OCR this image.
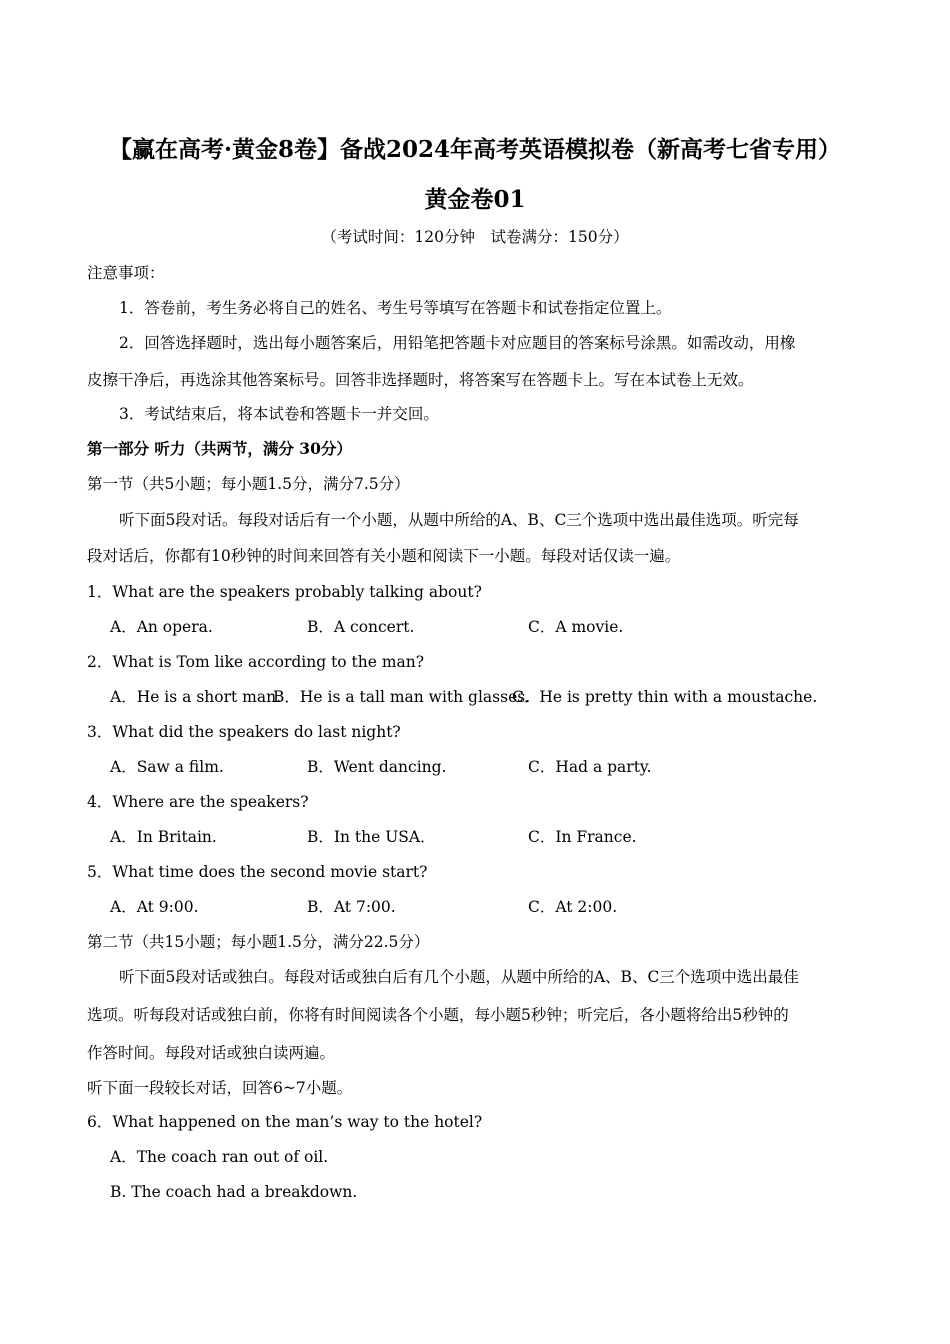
【赢在高考·黄金8卷】备战2024年高考英语模拟卷（新高考七省专用）
黄金卷01
（考试时间：120分钟　试卷满分：150分）
注意事项：
1．答卷前，考生务必将自己的姓名、考生号等填写在答题卡和试卷指定位置上。
2．回答选择题时，选出每小题答案后，用铅笔把答题卡对应题目的答案标号涂黑。如需改动，用橡
皮擦干净后，再选涂其他答案标号。回答非选择题时，将答案写在答题卡上。写在本试卷上无效。
3．考试结束后，将本试卷和答题卡一并交回。
第一部分 听力（共两节，满分 30分）
第一节（共5小题；每小题1.5分，满分7.5分）
听下面5段对话。每段对话后有一个小题，从题中所给的A、B、C三个选项中选出最佳选项。听完每
段对话后，你都有10秒钟的时间来回答有关小题和阅读下一小题。每段对话仅读一遍。
1．What are the speakers probably talking about?
A．An opera.	B．A concert.	C．A movie.
2．What is Tom like according to the man?
A．He is a short man.
B．He is a tall man with glasses.
C．He is pretty thin with a moustache.
3．What did the speakers do last night?
A．Saw a film.	B．Went dancing.	C．Had a party.
4．Where are the speakers?
A．In Britain.	B．In the USA．	C．In France.
5．What time does the second movie start?
A．At 9:00.	B．At 7:00.	C．At 2:00.
第二节（共15小题；每小题1.5分，满分22.5分）
听下面5段对话或独白。每段对话或独白后有几个小题，从题中所给的A、B、C三个选项中选出最佳
选项。听每段对话或独白前，你将有时间阅读各个小题，每小题5秒钟；听完后，各小题将给出5秒钟的
作答时间。每段对话或独白读两遍。
听下面一段较长对话，回答6~7小题。
6．What happened on the man’s way to the hotel?
A．The coach ran out of oil.
B. The coach had a breakdown.
